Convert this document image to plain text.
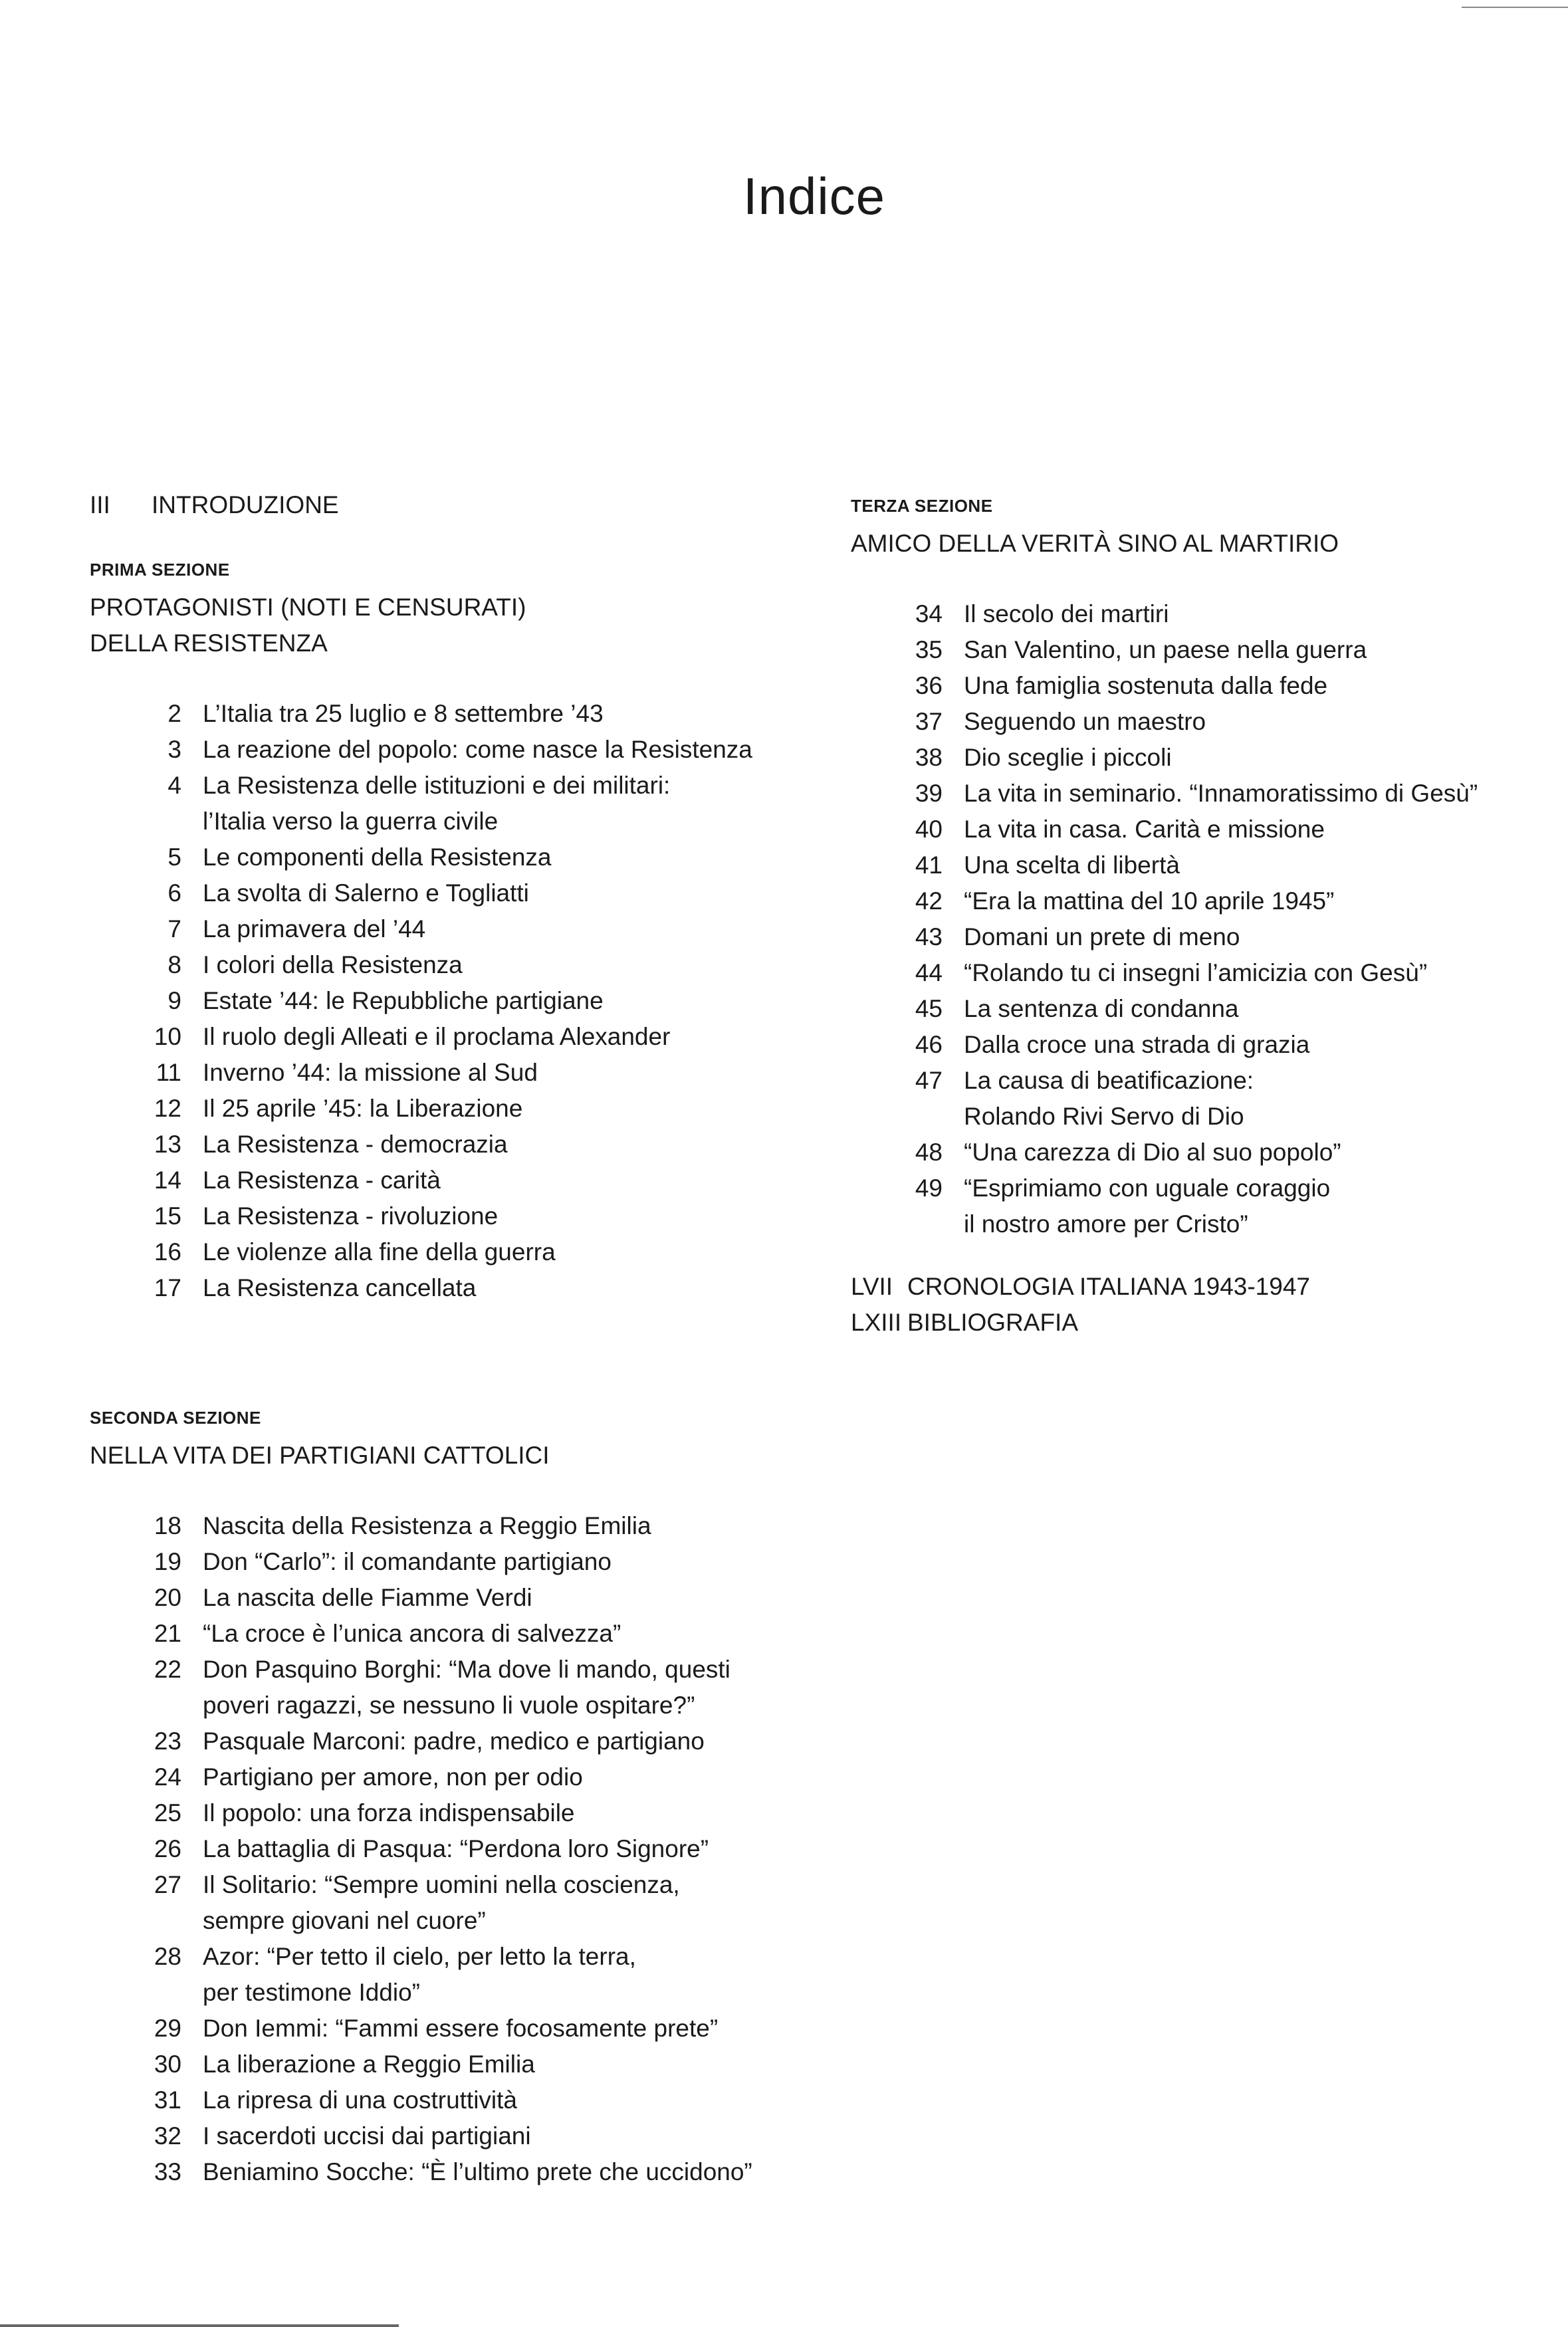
Indice
III	INTRODUZIONE
PRIMA SEZIONE
PROTAGONISTI (NOTI E CENSURATI)
DELLA RESISTENZA
2 L’Italia tra 25 luglio e 8 settembre ’43
3 La reazione del popolo: come nasce la Resistenza
4 La Resistenza delle istituzioni e dei militari:
l’Italia verso la guerra civile
5 Le componenti della Resistenza
6 La svolta di Salerno e Togliatti
7 La primavera del ’44
8 I colori della Resistenza
9 Estate ’44: le Repubbliche partigiane
10 Il ruolo degli Alleati e il proclama Alexander
11 Inverno ’44: la missione al Sud
12 Il 25 aprile ’45: la Liberazione
13 La Resistenza - democrazia
14 La Resistenza - carità
15 La Resistenza - rivoluzione
16 Le violenze alla fine della guerra
17 La Resistenza cancellata
SECONDA SEZIONE
NELLA VITA DEI PARTIGIANI CATTOLICI
18 Nascita della Resistenza a Reggio Emilia
19 Don “Carlo”: il comandante partigiano
20 La nascita delle Fiamme Verdi
21 “La croce è l’unica ancora di salvezza”
22 Don Pasquino Borghi: “Ma dove li mando, questi
poveri ragazzi, se nessuno li vuole ospitare?”
23 Pasquale Marconi: padre, medico e partigiano
24 Partigiano per amore, non per odio
25 Il popolo: una forza indispensabile
26 La battaglia di Pasqua: “Perdona loro Signore”
27 Il Solitario: “Sempre uomini nella coscienza,
sempre giovani nel cuore”
28 Azor: “Per tetto il cielo, per letto la terra,
per testimone Iddio”
29 Don Iemmi: “Fammi essere focosamente prete”
30 La liberazione a Reggio Emilia
31 La ripresa di una costruttività
32 I sacerdoti uccisi dai partigiani
33 Beniamino Socche: “È l’ultimo prete che uccidono”
TERZA SEZIONE
AMICO DELLA VERITÀ SINO AL MARTIRIO
34 Il secolo dei martiri
35 San Valentino, un paese nella guerra
36 Una famiglia sostenuta dalla fede
37 Seguendo un maestro
38 Dio sceglie i piccoli
39 La vita in seminario. “Innamoratissimo di Gesù”
40 La vita in casa. Carità e missione
41 Una scelta di libertà
42 “Era la mattina del 10 aprile 1945”
43 Domani un prete di meno
44 “Rolando tu ci insegni l’amicizia con Gesù”
45 La sentenza di condanna
46 Dalla croce una strada di grazia
47 La causa di beatificazione:
Rolando Rivi Servo di Dio
48 “Una carezza di Dio al suo popolo”
49 “Esprimiamo con uguale coraggio
il nostro amore per Cristo”
LVII CRONOLOGIA ITALIANA 1943-1947
LXIII BIBLIOGRAFIA
